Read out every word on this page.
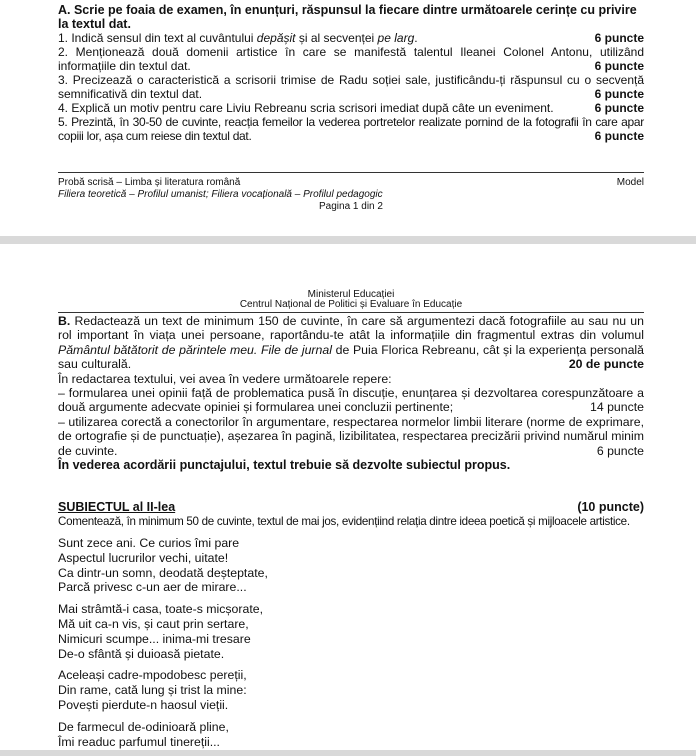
A. Scrie pe foaia de examen, în enunțuri, răspunsul la fiecare dintre următoarele cerințe cu privire la textul dat.

1. Indică sensul din text al cuvântului depășit și al secvenței pe larg.	6 puncte
2. Menționează două domenii artistice în care se manifestă talentul Ileanei Colonel Antonu, utilizând informațiile din textul dat.	6 puncte
3. Precizează o caracteristică a scrisorii trimise de Radu soției sale, justificându-ți răspunsul cu o secvență semnificativă din textul dat.	6 puncte
4. Explică un motiv pentru care Liviu Rebreanu scria scrisori imediat după câte un eveniment.	6 puncte
5. Prezintă, în 30-50 de cuvinte, reacția femeilor la vederea portretelor realizate pornind de la fotografii în care apar copiii lor, așa cum reiese din textul dat.	6 puncte
Probă scrisă – Limba și literatura română	Model
Filiera teoretică – Profilul umanist; Filiera vocațională – Profilul pedagogic
Pagina 1 din 2
Ministerul Educației
Centrul Național de Politici și Evaluare în Educație

B. Redactează un text de minimum 150 de cuvinte, în care să argumentezi dacă fotografiile au sau nu un rol important în viața unei persoane, raportându-te atât la informațiile din fragmentul extras din volumul Pământul bătătorit de părintele meu. File de jurnal de Puia Florica Rebreanu, cât și la experiența personală sau culturală.	20 de puncte

În redactarea textului, vei avea în vedere următoarele repere:

– formularea unei opinii față de problematica pusă în discuție, enunțarea și dezvoltarea corespunzătoare a două argumente adecvate opiniei și formularea unei concluzii pertinente;	14 puncte

– utilizarea corectă a conectorilor în argumentare, respectarea normelor limbii literare (norme de exprimare, de ortografie și de punctuație), așezarea în pagină, lizibilitatea, respectarea precizării privind numărul minim de cuvinte.	6 puncte

În vederea acordării punctajului, textul trebuie să dezvolte subiectul propus.

SUBIECTUL al II-lea	(10 puncte)
Comentează, în minimum 50 de cuvinte, textul de mai jos, evidențiind relația dintre ideea poetică și mijloacele artistice.
Sunt zece ani. Ce curios îmi pare
Aspectul lucrurilor vechi, uitate!
Ca dintr-un somn, deodată deșteptate,
Parcă privesc c-un aer de mirare...
Mai strâmtă-i casa, toate-s micșorate,
Mă uit ca-n vis, și caut prin sertare,
Nimicuri scumpe... inima-mi tresare
De-o sfântă și duioasă pietate.
Aceleași cadre-mpodobesc pereții,
Din rame, cată lung și trist la mine:
Povești pierdute-n haosul vieții.
De farmecul de-odinioară pline,
Îmi readuc parfumul tinereții...
